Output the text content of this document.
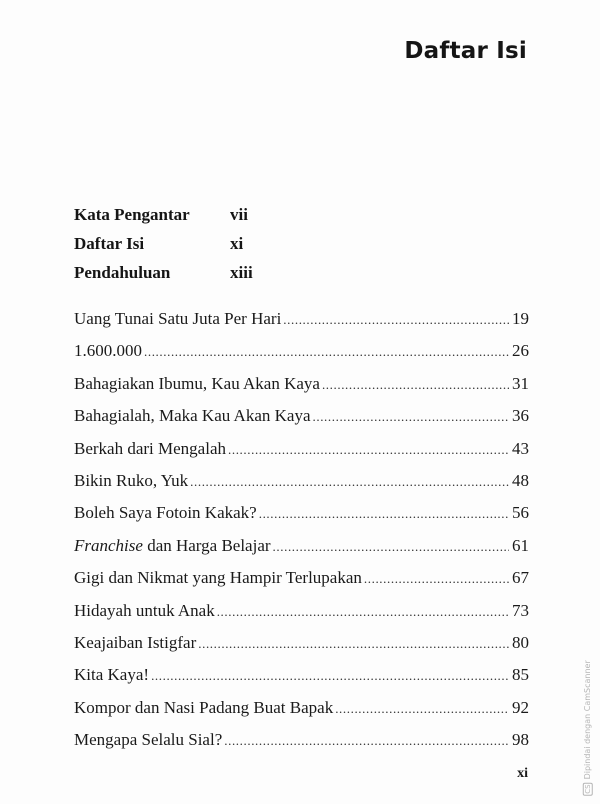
Daftar Isi
Kata Pengantar	vii
Daftar Isi	xi
Pendahuluan	xiii
Uang Tunai Satu Juta Per Hari .....	19
1.600.000 .....	26
Bahagiakan Ibumu, Kau Akan Kaya .....	31
Bahagialah, Maka Kau Akan Kaya .....	36
Berkah dari Mengalah .....	43
Bikin Ruko, Yuk .....	48
Boleh Saya Fotoin Kakak? .....	56
Franchise dan Harga Belajar .....	61
Gigi dan Nikmat yang Hampir Terlupakan .....	67
Hidayah untuk Anak .....	73
Keajaiban Istigfar .....	80
Kita Kaya! .....	85
Kompor dan Nasi Padang Buat Bapak .....	92
Mengapa Selalu Sial? .....	98
xi
CSDipindai dengan CamScanner
